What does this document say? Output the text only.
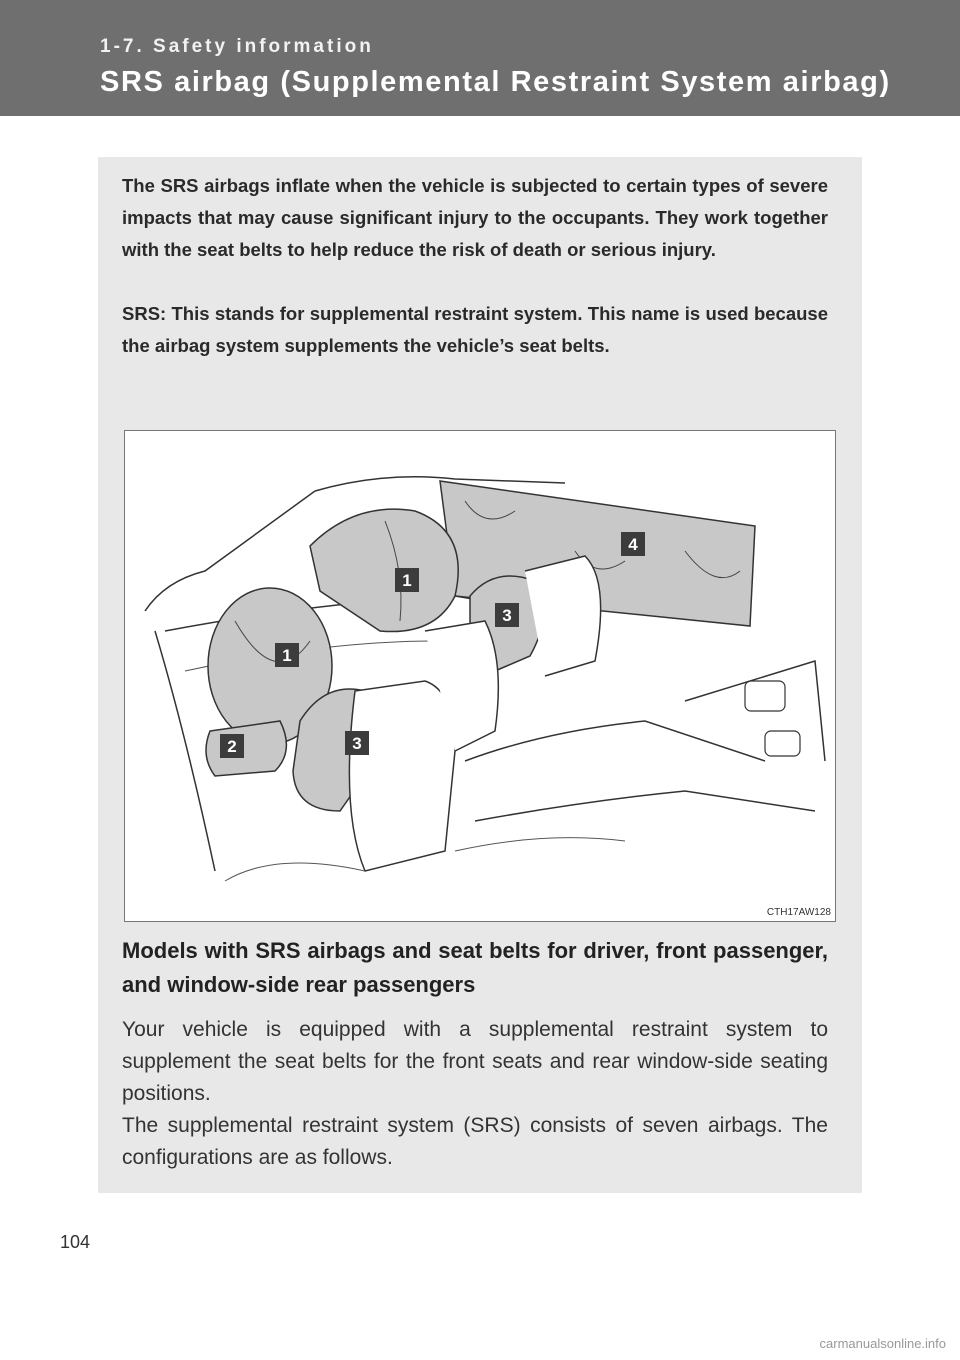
1-7. Safety information
SRS airbag (Supplemental Restraint System airbag)
The SRS airbags inflate when the vehicle is subjected to certain types of severe impacts that may cause significant injury to the occupants. They work together with the seat belts to help reduce the risk of death or serious injury.
SRS: This stands for supplemental restraint system. This name is used because the airbag system supplements the vehicle’s seat belts.
1
1
2	3
3
4
CTH17AW128
Models with SRS airbags and seat belts for driver, front passenger, and window-side rear passengers
Your vehicle is equipped with a supplemental restraint system to supplement the seat belts for the front seats and rear window-side seating positions.
The supplemental restraint system (SRS) consists of seven airbags. The configurations are as follows.
104
carmanualsonline.info
